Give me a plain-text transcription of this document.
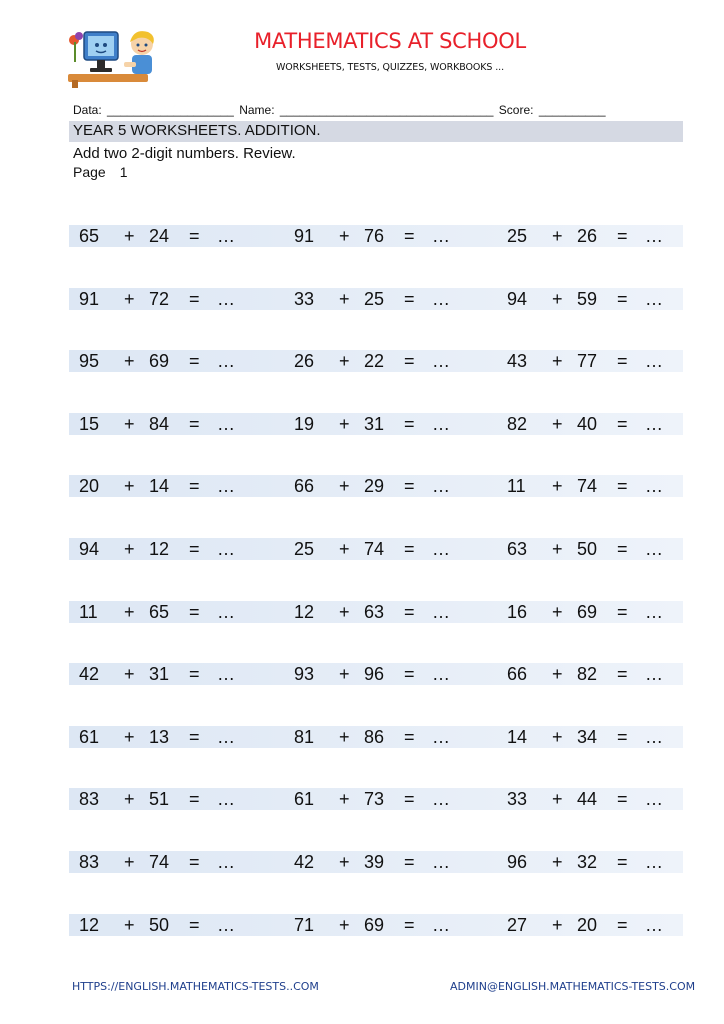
MATHEMATICS AT SCHOOL
WORKSHEETS, TESTS, QUIZZES, WORKBOOKS ...
Data: ___________________ Name: ________________________________ Score: __________
YEAR 5 WORKSHEETS. ADDITION.
Add two 2-digit numbers. Review.
Page 1
65 + 24 = …	91 + 76 = …	25 + 26 = …
91 + 72 = …	33 + 25 = …	94 + 59 = …
95 + 69 = …	26 + 22 = …	43 + 77 = …
15 + 84 = …	19 + 31 = …	82 + 40 = …
20 + 14 = …	66 + 29 = …	11 + 74 = …
94 + 12 = …	25 + 74 = …	63 + 50 = …
11 + 65 = …	12 + 63 = …	16 + 69 = …
42 + 31 = …	93 + 96 = …	66 + 82 = …
61 + 13 = …	81 + 86 = …	14 + 34 = …
83 + 51 = …	61 + 73 = …	33 + 44 = …
83 + 74 = …	42 + 39 = …	96 + 32 = …
12 + 50 = …	71 + 69 = …	27 + 20 = …
HTTPS://ENGLISH.MATHEMATICS-TESTS..COM	ADMIN@ENGLISH.MATHEMATICS-TESTS.COM
